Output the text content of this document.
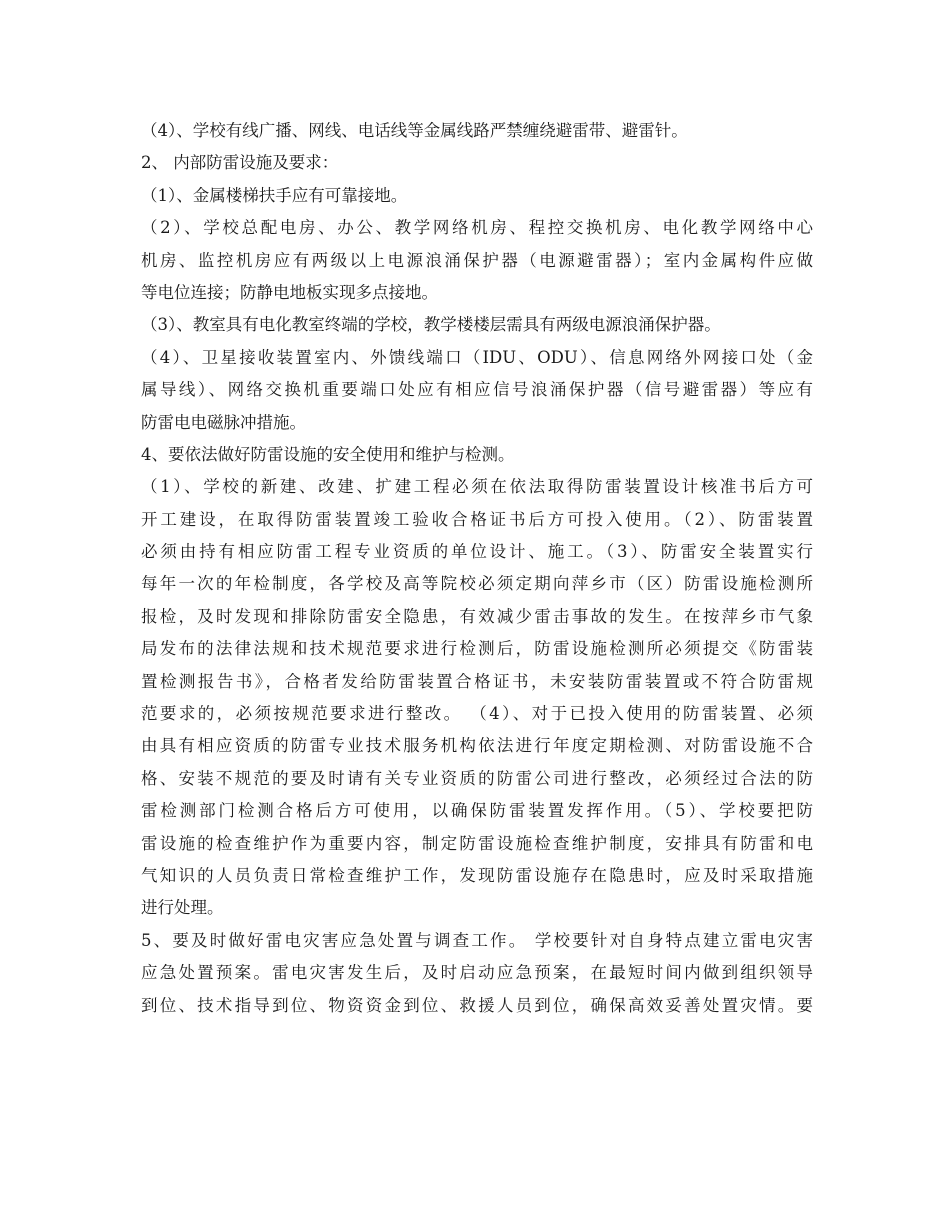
（4）、学校有线广播、网线、电话线等金属线路严禁缠绕避雷带、避雷针。
2、 内部防雷设施及要求：
（1）、金属楼梯扶手应有可靠接地。
（2）、学校总配电房、办公、教学网络机房、程控交换机房、电化教学网络中心
机房、监控机房应有两级以上电源浪涌保护器（电源避雷器）；室内金属构件应做
等电位连接；防静电地板实现多点接地。
（3）、教室具有电化教室终端的学校，教学楼楼层需具有两级电源浪涌保护器。
（4）、卫星接收装置室内、外馈线端口（IDU、ODU）、信息网络外网接口处（金
属导线）、网络交换机重要端口处应有相应信号浪涌保护器（信号避雷器）等应有
防雷电电磁脉冲措施。
4、要依法做好防雷设施的安全使用和维护与检测。
（1）、学校的新建、改建、扩建工程必须在依法取得防雷装置设计核准书后方可
开工建设，在取得防雷装置竣工验收合格证书后方可投入使用。（2）、防雷装置
必须由持有相应防雷工程专业资质的单位设计、施工。（3）、防雷安全装置实行
每年一次的年检制度，各学校及高等院校必须定期向萍乡市（区）防雷设施检测所
报检，及时发现和排除防雷安全隐患，有效减少雷击事故的发生。在按萍乡市气象
局发布的法律法规和技术规范要求进行检测后，防雷设施检测所必须提交《防雷装
置检测报告书》，合格者发给防雷装置合格证书，未安装防雷装置或不符合防雷规
范要求的，必须按规范要求进行整改。 （4）、对于已投入使用的防雷装置、必须
由具有相应资质的防雷专业技术服务机构依法进行年度定期检测、对防雷设施不合
格、安装不规范的要及时请有关专业资质的防雷公司进行整改，必须经过合法的防
雷检测部门检测合格后方可使用，以确保防雷装置发挥作用。（5）、学校要把防
雷设施的检查维护作为重要内容，制定防雷设施检查维护制度，安排具有防雷和电
气知识的人员负责日常检查维护工作，发现防雷设施存在隐患时，应及时采取措施
进行处理。
5、要及时做好雷电灾害应急处置与调查工作。 学校要针对自身特点建立雷电灾害
应急处置预案。雷电灾害发生后，及时启动应急预案，在最短时间内做到组织领导
到位、技术指导到位、物资资金到位、救援人员到位，确保高效妥善处置灾情。要
